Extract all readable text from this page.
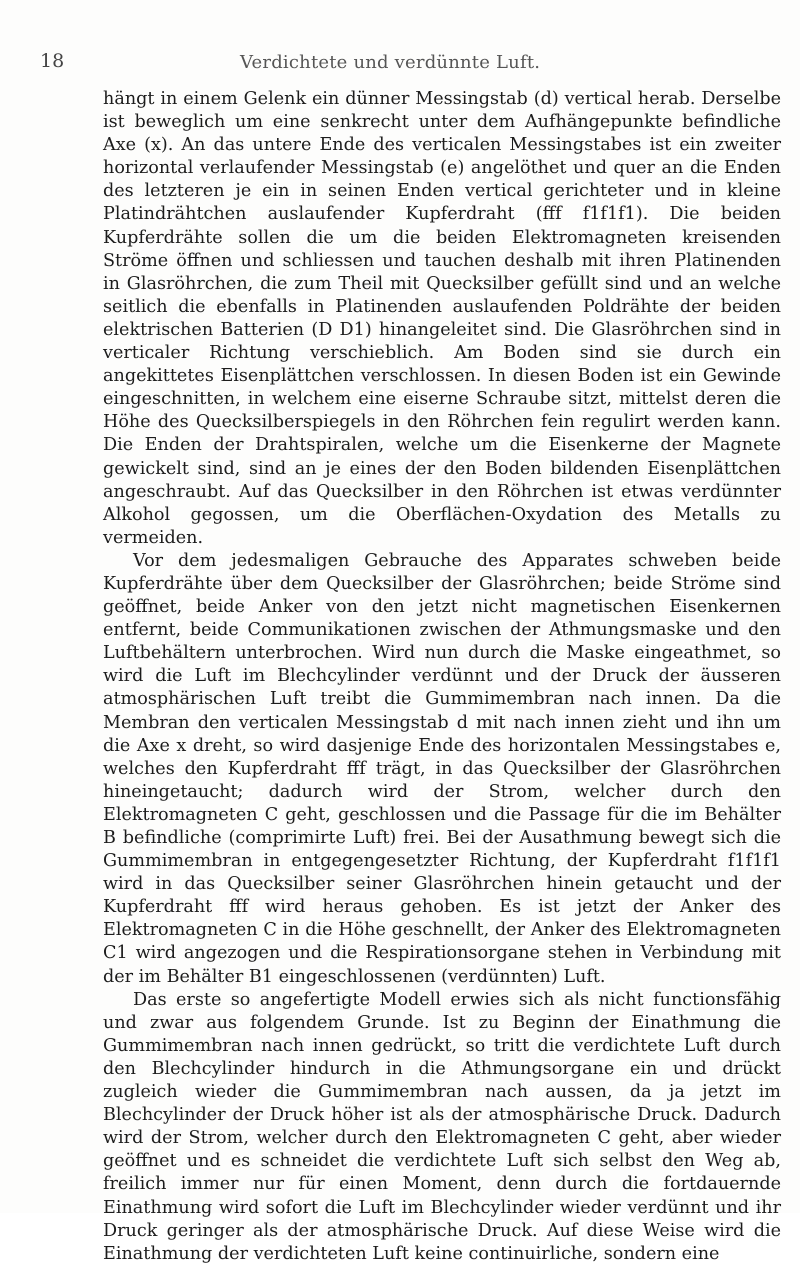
18	Verdichtete und verdünnte Luft.

hängt in einem Gelenk ein dünner Messingstab (d) vertical herab. Derselbe ist beweglich um eine senkrecht unter dem Aufhängepunkte befindliche Axe (x). An das untere Ende des verticalen Messingstabes ist ein zweiter horizontal verlaufender Messingstab (e) angelöthet und quer an die Enden des letzteren je ein in seinen Enden vertical gerichteter und in kleine Platindrähtchen auslaufender Kupferdraht (fff f1f1f1). Die beiden Kupferdrähte sollen die um die beiden Elektromagneten kreisenden Ströme öffnen und schliessen und tauchen deshalb mit ihren Platinenden in Glasröhrchen, die zum Theil mit Quecksilber gefüllt sind und an welche seitlich die ebenfalls in Platinenden auslaufenden Poldrähte der beiden elektrischen Batterien (D D1) hinangeleitet sind. Die Glasröhrchen sind in verticaler Richtung verschieblich. Am Boden sind sie durch ein angekittetes Eisenplättchen verschlossen. In diesen Boden ist ein Gewinde eingeschnitten, in welchem eine eiserne Schraube sitzt, mittelst deren die Höhe des Quecksilberspiegels in den Röhrchen fein regulirt werden kann. Die Enden der Drahtspiralen, welche um die Eisenkerne der Magnete gewickelt sind, sind an je eines der den Boden bildenden Eisenplättchen angeschraubt. Auf das Quecksilber in den Röhrchen ist etwas verdünnter Alkohol gegossen, um die Oberflächen-Oxydation des Metalls zu vermeiden.

Vor dem jedesmaligen Gebrauche des Apparates schweben beide Kupferdrähte über dem Quecksilber der Glasröhrchen; beide Ströme sind geöffnet, beide Anker von den jetzt nicht magnetischen Eisenkernen entfernt, beide Communikationen zwischen der Athmungsmaske und den Luftbehältern unterbrochen. Wird nun durch die Maske eingeathmet, so wird die Luft im Blechcylinder verdünnt und der Druck der äusseren atmosphärischen Luft treibt die Gummimembran nach innen. Da die Membran den verticalen Messingstab d mit nach innen zieht und ihn um die Axe x dreht, so wird dasjenige Ende des horizontalen Messingstabes e, welches den Kupferdraht fff trägt, in das Quecksilber der Glasröhrchen hineingetaucht; dadurch wird der Strom, welcher durch den Elektromagneten C geht, geschlossen und die Passage für die im Behälter B befindliche (comprimirte Luft) frei. Bei der Ausathmung bewegt sich die Gummimembran in entgegengesetzter Richtung, der Kupferdraht f1f1f1 wird in das Quecksilber seiner Glasröhrchen hinein getaucht und der Kupferdraht fff wird heraus gehoben. Es ist jetzt der Anker des Elektromagneten C in die Höhe geschnellt, der Anker des Elektromagneten C1 wird angezogen und die Respirationsorgane stehen in Verbindung mit der im Behälter B1 eingeschlossenen (verdünnten) Luft.

Das erste so angefertigte Modell erwies sich als nicht functionsfähig und zwar aus folgendem Grunde. Ist zu Beginn der Einathmung die Gummimembran nach innen gedrückt, so tritt die verdichtete Luft durch den Blechcylinder hindurch in die Athmungsorgane ein und drückt zugleich wieder die Gummimembran nach aussen, da ja jetzt im Blechcylinder der Druck höher ist als der atmosphärische Druck. Dadurch wird der Strom, welcher durch den Elektromagneten C geht, aber wieder geöffnet und es schneidet die verdichtete Luft sich selbst den Weg ab, freilich immer nur für einen Moment, denn durch die fortdauernde Einathmung wird sofort die Luft im Blechcylinder wieder verdünnt und ihr Druck geringer als der atmosphärische Druck. Auf diese Weise wird die Einathmung der verdichteten Luft keine continuirliche, sondern eine
